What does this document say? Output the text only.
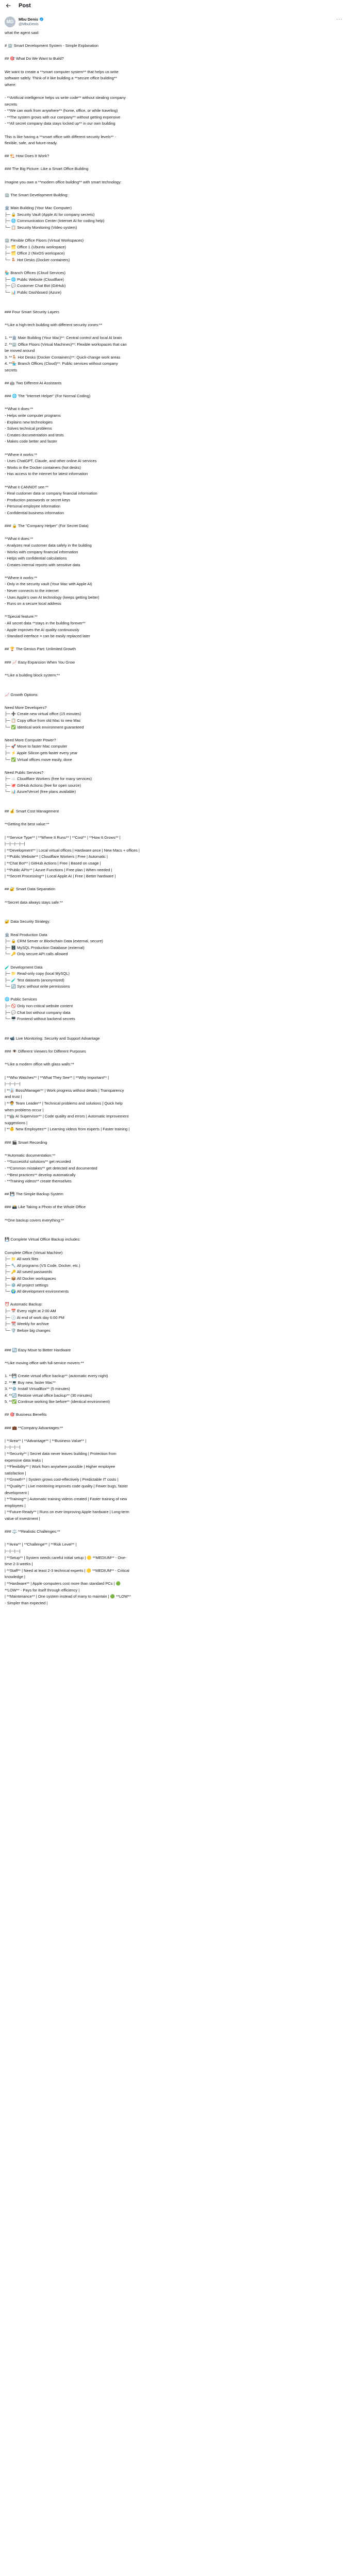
Post
MD	Mbu Denis
@MbuDenis
···
what the agent said:
# 🏢 Smart Development System - Simple Explanation
## 🎯 What Do We Want to Build?
We want to create a **smart computer system** that helps us write
software safely. Think of it like building a **secure office building**
where:
- **Artificial intelligence helps us write code** without stealing company
secrets
- **We can work from anywhere** (home, office, or while traveling)
- **The system grows with our company** without getting expensive
- **All secret company data stays locked up** in our own building
This is like having a **smart office with different security levels** -
flexible, safe, and future-ready.
## 🏗️ How Does It Work?
### The Big Picture: Like a Smart Office Building
Imagine you own a **modern office building** with smart technology:
🏢 The Smart Development Building:
🏛️ Main Building (Your Mac Computer)
├─ 🔒 Security Vault (Apple AI for company secrets)
├─ 🌐 Communication Center (Internet AI for coding help)
└─ 📋 Security Monitoring (Video system)
🏢 Flexible Office Floors (Virtual Workspaces)
├─ 🗂️ Office 1 (Ubuntu workspace)
├─ 🗂️ Office 2 (NixOS workspace)
└─ 🪑 Hot Desks (Docker containers)
🏪 Branch Offices (Cloud Services)
├─ 🌐 Public Website (Cloudflare)
├─ 💬 Customer Chat Bot (GitHub)
└─ 📊 Public Dashboard (Azure)
### Four Smart Security Layers
**Like a high-tech building with different security zones:**
1. **🏛️ Main Building (Your Mac)**: Central control and local AI brain
2. **🏢 Office Floors (Virtual Machines)**: Flexible workspaces that can
be moved around
3. **🪑 Hot Desks (Docker Containers)**: Quick-change work areas
4. **🏪 Branch Offices (Cloud)**: Public services without company
secrets
## 🤖 Two Different AI Assistants
### 🌐 The "Internet Helper" (For Normal Coding)
**What it does:**
- Helps write computer programs
- Explains new technologies
- Solves technical problems
- Creates documentation and tests
- Makes code better and faster
**Where it works:**
- Uses ChatGPT, Claude, and other online AI services
- Works in the Docker containers (hot desks)
- Has access to the internet for latest information
**What it CANNOT see:**
- Real customer data or company financial information
- Production passwords or secret keys
- Personal employee information
- Confidential business information
### 🔒 The "Company Helper" (For Secret Data)
**What it does:**
- Analyzes real customer data safely in the building
- Works with company financial information
- Helps with confidential calculations
- Creates internal reports with sensitive data
**Where it works:**
- Only in the security vault (Your Mac with Apple AI)
- Never connects to the internet
- Uses Apple's own AI technology (keeps getting better)
- Runs on a secure local address
**Special feature:**
- All secret data **stays in the building forever**
- Apple improves the AI quality continuously
- Standard interface = can be easily replaced later
## 🏆 The Genius Part: Unlimited Growth
### 📈 Easy Expansion When You Grow
**Like a building block system:**
📈 Growth Options:
Need More Developers?
├─ ➕ Create new virtual office (15 minutes)
├─ 📋 Copy office from old Mac to new Mac
└─ ✅ Identical work environment guaranteed
Need More Computer Power?
├─ 🚀 Move to faster Mac computer
├─ ⚡ Apple Silicon gets faster every year
└─ ✅ Virtual offices move easily, done
Need Public Services?
├─ ☁️ Cloudflare Workers (free for many services)
├─ 🐙 GitHub Actions (free for open source)
└─ 📊 Azure/Vercel (free plans available)
## 💰 Smart Cost Management
**Getting the best value:**
| **Service Type** | **Where It Runs** | **Cost** | **How It Grows** |
|---|---|---|---|
| **Development** | Local virtual offices | Hardware once | New Macs + offices |
| **Public Website** | Cloudflare Workers | Free | Automatic |
| **Chat Bot** | GitHub Actions | Free | Based on usage |
| **Public APIs** | Azure Functions | Free plan | When needed |
| **Secret Processing** | Local Apple AI | Free | Better hardware |
## 🔐 Smart Data Separation
**Secret data always stays safe:**
🔐 Data Security Strategy:
🏛️ Real Production Data
├─ 🔒 CRM Server or Blockchain Data (external, secure)
├─ 🗄️ MySQL Production Database (external)
└─ 🔑 Only secure API calls allowed
🧪 Development Data
├─ 📁 Read-only copy (local MySQL)
├─ 🧪 Test datasets (anonymized)
└─ 🔄 Sync without write permissions
🌐 Public Services
├─ 🚫 Only non-critical website content
├─ 💬 Chat bot without company data
└─ 🖥️ Frontend without backend secrets
## 📹 Live Monitoring: Security and Support Advantage
### 👁️ Different Viewers for Different Purposes
**Like a modern office with glass walls:**
| **Who Watches** | **What They See** | **Why Important** |
|---|---|---|
| **👔 Boss/Manager** | Work progress without details | Transparency
and trust |
| **🧑‍💼 Team Leader** | Technical problems and solutions | Quick help
when problems occur |
| **🤖 AI Supervisor** | Code quality and errors | Automatic improvement
suggestions |
| **👶 New Employees** | Learning videos from experts | Faster training |
### 🎬 Smart Recording
**Automatic documentation:**
- **Successful solutions** get recorded
- **Common mistakes** get detected and documented
- **Best practices** develop automatically
- **Training videos** create themselves
## 💾 The Simple Backup System
### 📸 Like Taking a Photo of the Whole Office
**One backup covers everything:**
💾 Complete Virtual Office Backup includes:
Complete Office (Virtual Machine)
├─ 📁 All work files
├─ 🔧 All programs (VS Code, Docker, etc.)
├─ 🔑 All saved passwords
├─ 📦 All Docker workspaces
├─ ⚙️ All project settings
└─ 🌍 All development environments
⏰ Automatic Backup:
├─ 📅 Every night at 2:00 AM
├─ 🕕 At end of work day 6:00 PM
├─ 📆 Weekly for archive
└─ 🛡️ Before big changes
### 🔄 Easy Move to Better Hardware
**Like moving office with full-service movers:**
1. **💾 Create virtual office backup** (automatic every night)
2. **💻 Buy new, faster Mac**
3. **⚙️ Install VirtualBox** (5 minutes)
4. **🔄 Restore virtual office backup** (30 minutes)
5. **✅ Continue working like before** (identical environment)
## 🎯 Business Benefits
### 💼 **Company Advantages:**
| **Area** | **Advantage** | **Business Value** |
|---|---|---|
| **Security** | Secret data never leaves building | Protection from
expensive data leaks |
| **Flexibility** | Work from anywhere possible | Higher employee
satisfaction |
| **Growth** | System grows cost-effectively | Predictable IT costs |
| **Quality** | Live monitoring improves code quality | Fewer bugs, faster
development |
| **Training** | Automatic training videos created | Faster training of new
employees |
| **Future-Ready** | Runs on ever-improving Apple hardware | Long-term
value of investment |
### ⚖️ **Realistic Challenges:**
| **Area** | **Challenge** | **Risk Level** |
|---|---|---|
| **Setup** | System needs careful initial setup | 🟡 **MEDIUM** - One-
time 2-3 weeks |
| **Staff** | Need at least 2-3 technical experts | 🟡 **MEDIUM** - Critical
knowledge |
| **Hardware** | Apple computers cost more than standard PCs | 🟢
**LOW** - Pays for itself through efficiency |
| **Maintenance** | One system instead of many to maintain | 🟢 **LOW**
- Simpler than expected |
